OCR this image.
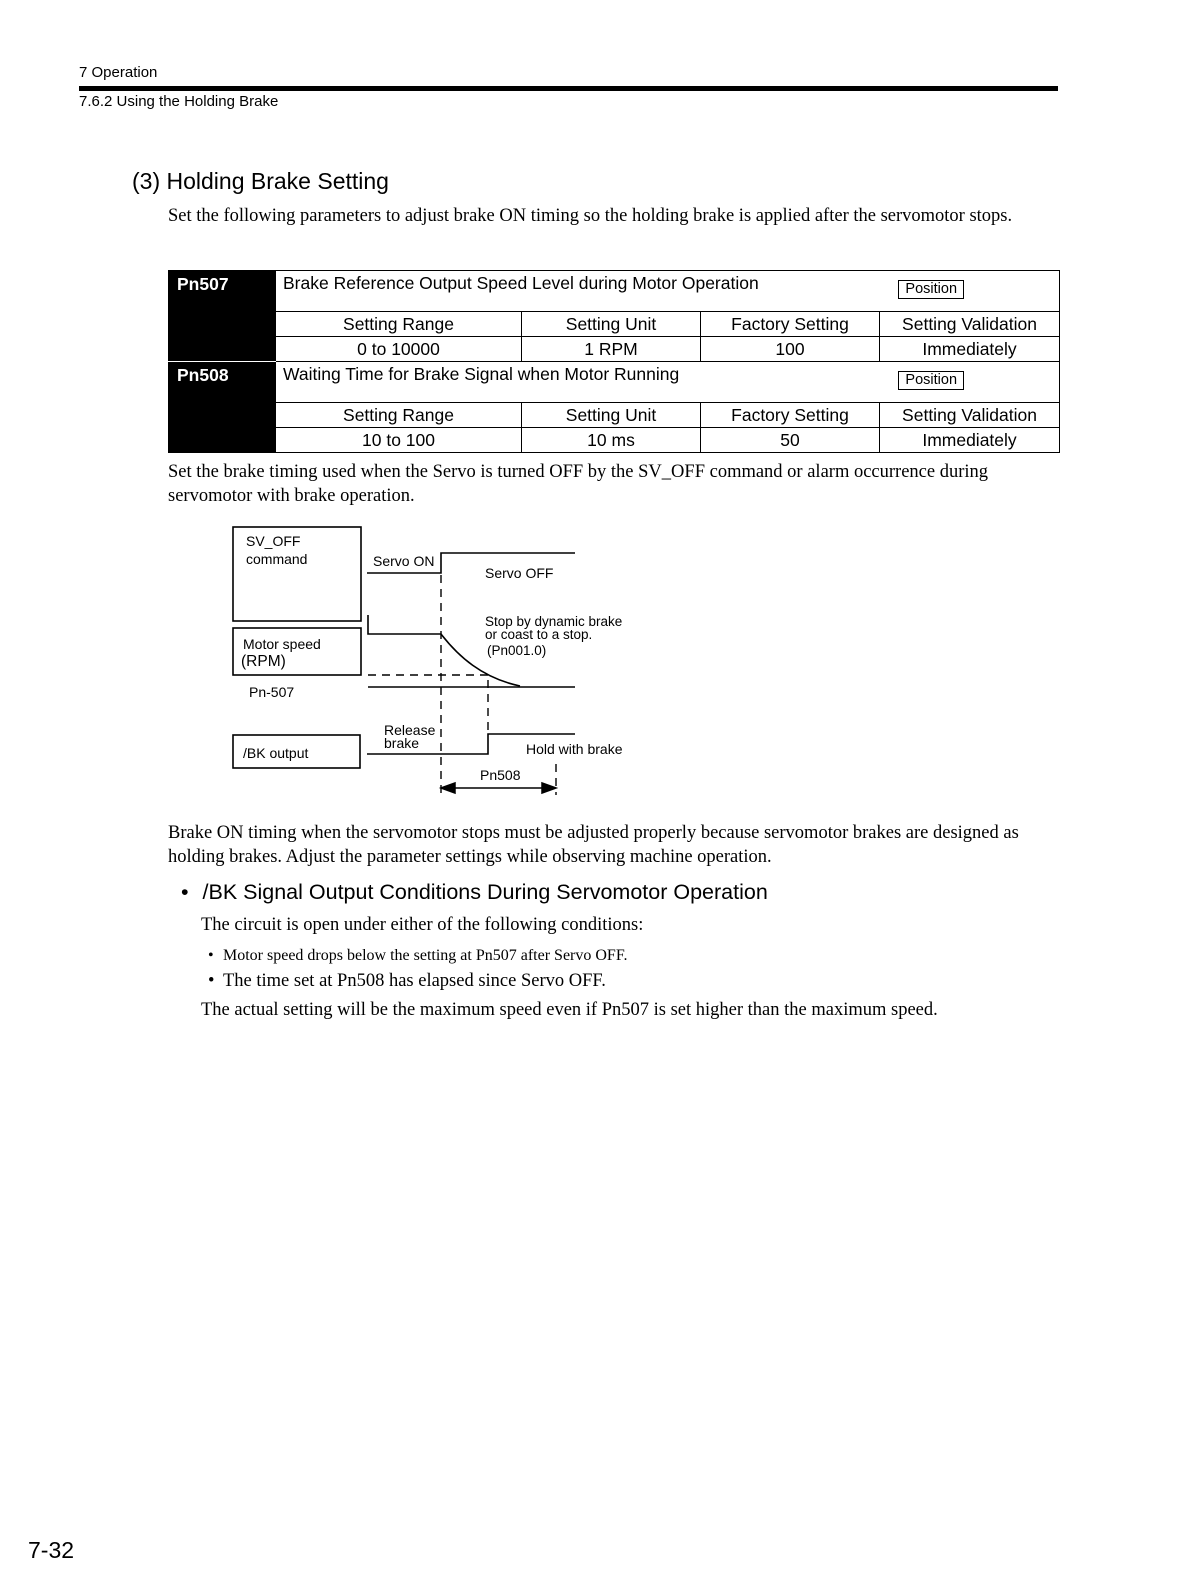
7 Operation
7.6.2 Using the Holding Brake
(3) Holding Brake Setting
Set the following parameters to adjust brake ON timing so the holding brake is applied after the servomotor stops.
Pn507	Brake Reference Output Speed Level during Motor Operation Position			

	Setting Range	Setting Unit	Factory Setting	Setting Validation
	0 to 10000	1 RPM	100	Immediately
Pn508	Waiting Time for Brake Signal when Motor Running Position			

	Setting Range	Setting Unit	Factory Setting	Setting Validation
	10 to 100	10 ms	50	Immediately
Set the brake timing used when the Servo is turned OFF by the SV_OFF command or alarm occurrence during servomotor with brake operation.
SV_OFF
command	Servo ON
Servo OFF
Motor speed
(RPM)
Stop by dynamic brake
or coast to a stop.
(Pn001.0)
Pn-507
Release
brake
/BK output	Hold with brake
Pn508
Brake ON timing when the servomotor stops must be adjusted properly because servomotor brakes are designed as holding brakes. Adjust the parameter settings while observing machine operation.
• /BK Signal Output Conditions During Servomotor Operation
The circuit is open under either of the following conditions:
• Motor speed drops below the setting at Pn507 after Servo OFF.
• The time set at Pn508 has elapsed since Servo OFF.
The actual setting will be the maximum speed even if Pn507 is set higher than the maximum speed.
7-32
